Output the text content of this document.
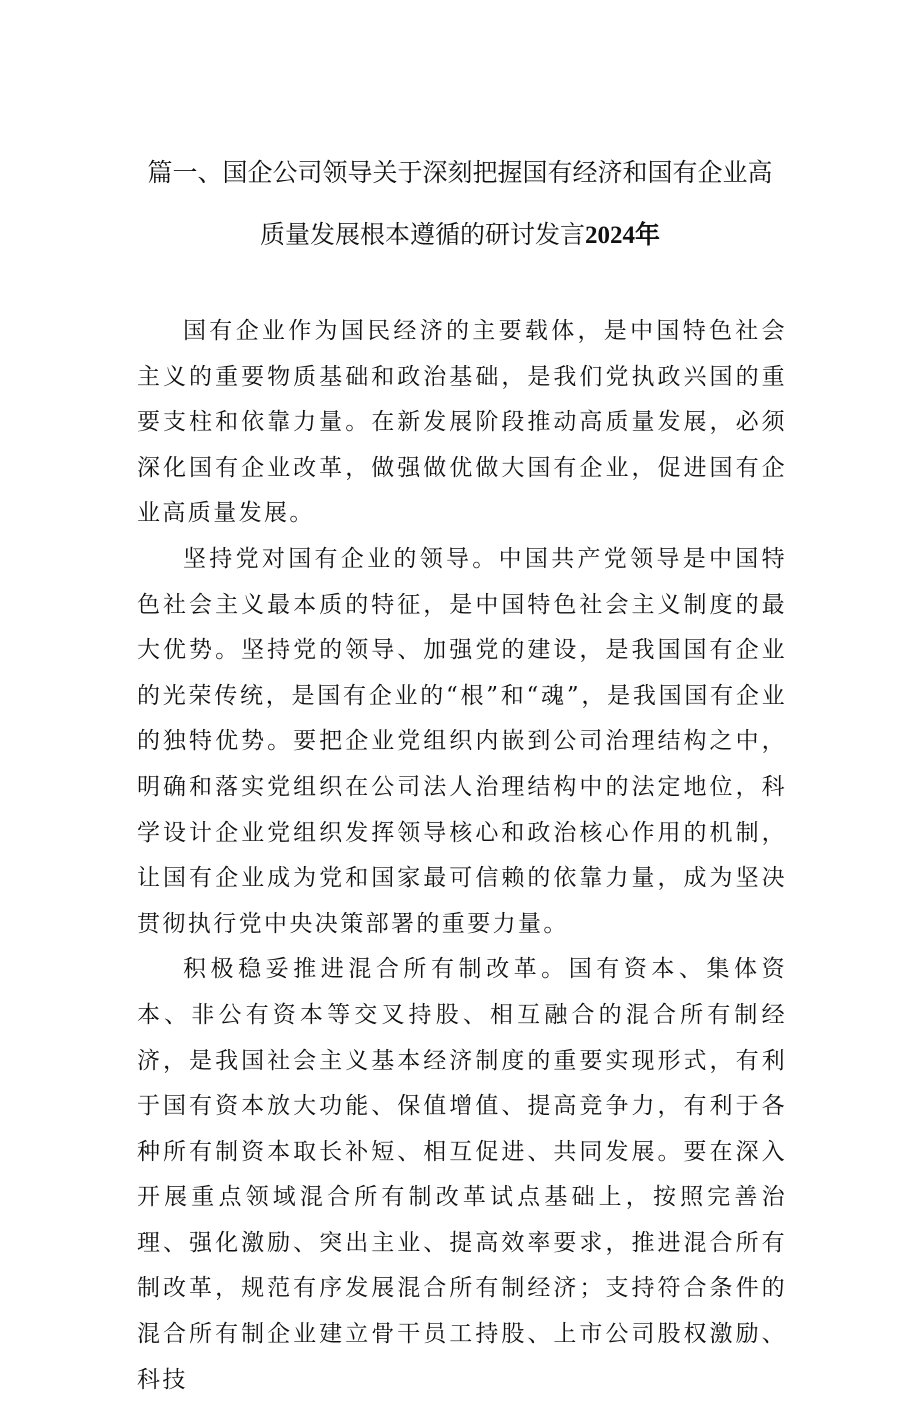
篇一、国企公司领导关于深刻把握国有经济和国有企业高
质量发展根本遵循的研讨发言2024年

国有企业作为国民经济的主要载体，是中国特色社会主义的重要物质基础和政治基础，是我们党执政兴国的重要支柱和依靠力量。在新发展阶段推动高质量发展，必须深化国有企业改革，做强做优做大国有企业，促进国有企业高质量发展。

坚持党对国有企业的领导。中国共产党领导是中国特色社会主义最本质的特征，是中国特色社会主义制度的最大优势。坚持党的领导、加强党的建设，是我国国有企业的光荣传统，是国有企业的“根”和“魂”，是我国国有企业的独特优势。要把企业党组织内嵌到公司治理结构之中，明确和落实党组织在公司法人治理结构中的法定地位，科学设计企业党组织发挥领导核心和政治核心作用的机制，让国有企业成为党和国家最可信赖的依靠力量，成为坚决贯彻执行党中央决策部署的重要力量。

积极稳妥推进混合所有制改革。国有资本、集体资本、非公有资本等交叉持股、相互融合的混合所有制经济，是我国社会主义基本经济制度的重要实现形式，有利于国有资本放大功能、保值增值、提高竞争力，有利于各种所有制资本取长补短、相互促进、共同发展。要在深入开展重点领域混合所有制改革试点基础上，按照完善治理、强化激励、突出主业、提高效率要求，推进混合所有制改革，规范有序发展混合所有制经济；支持符合条件的混合所有制企业建立骨干员工持股、上市公司股权激励、科技
